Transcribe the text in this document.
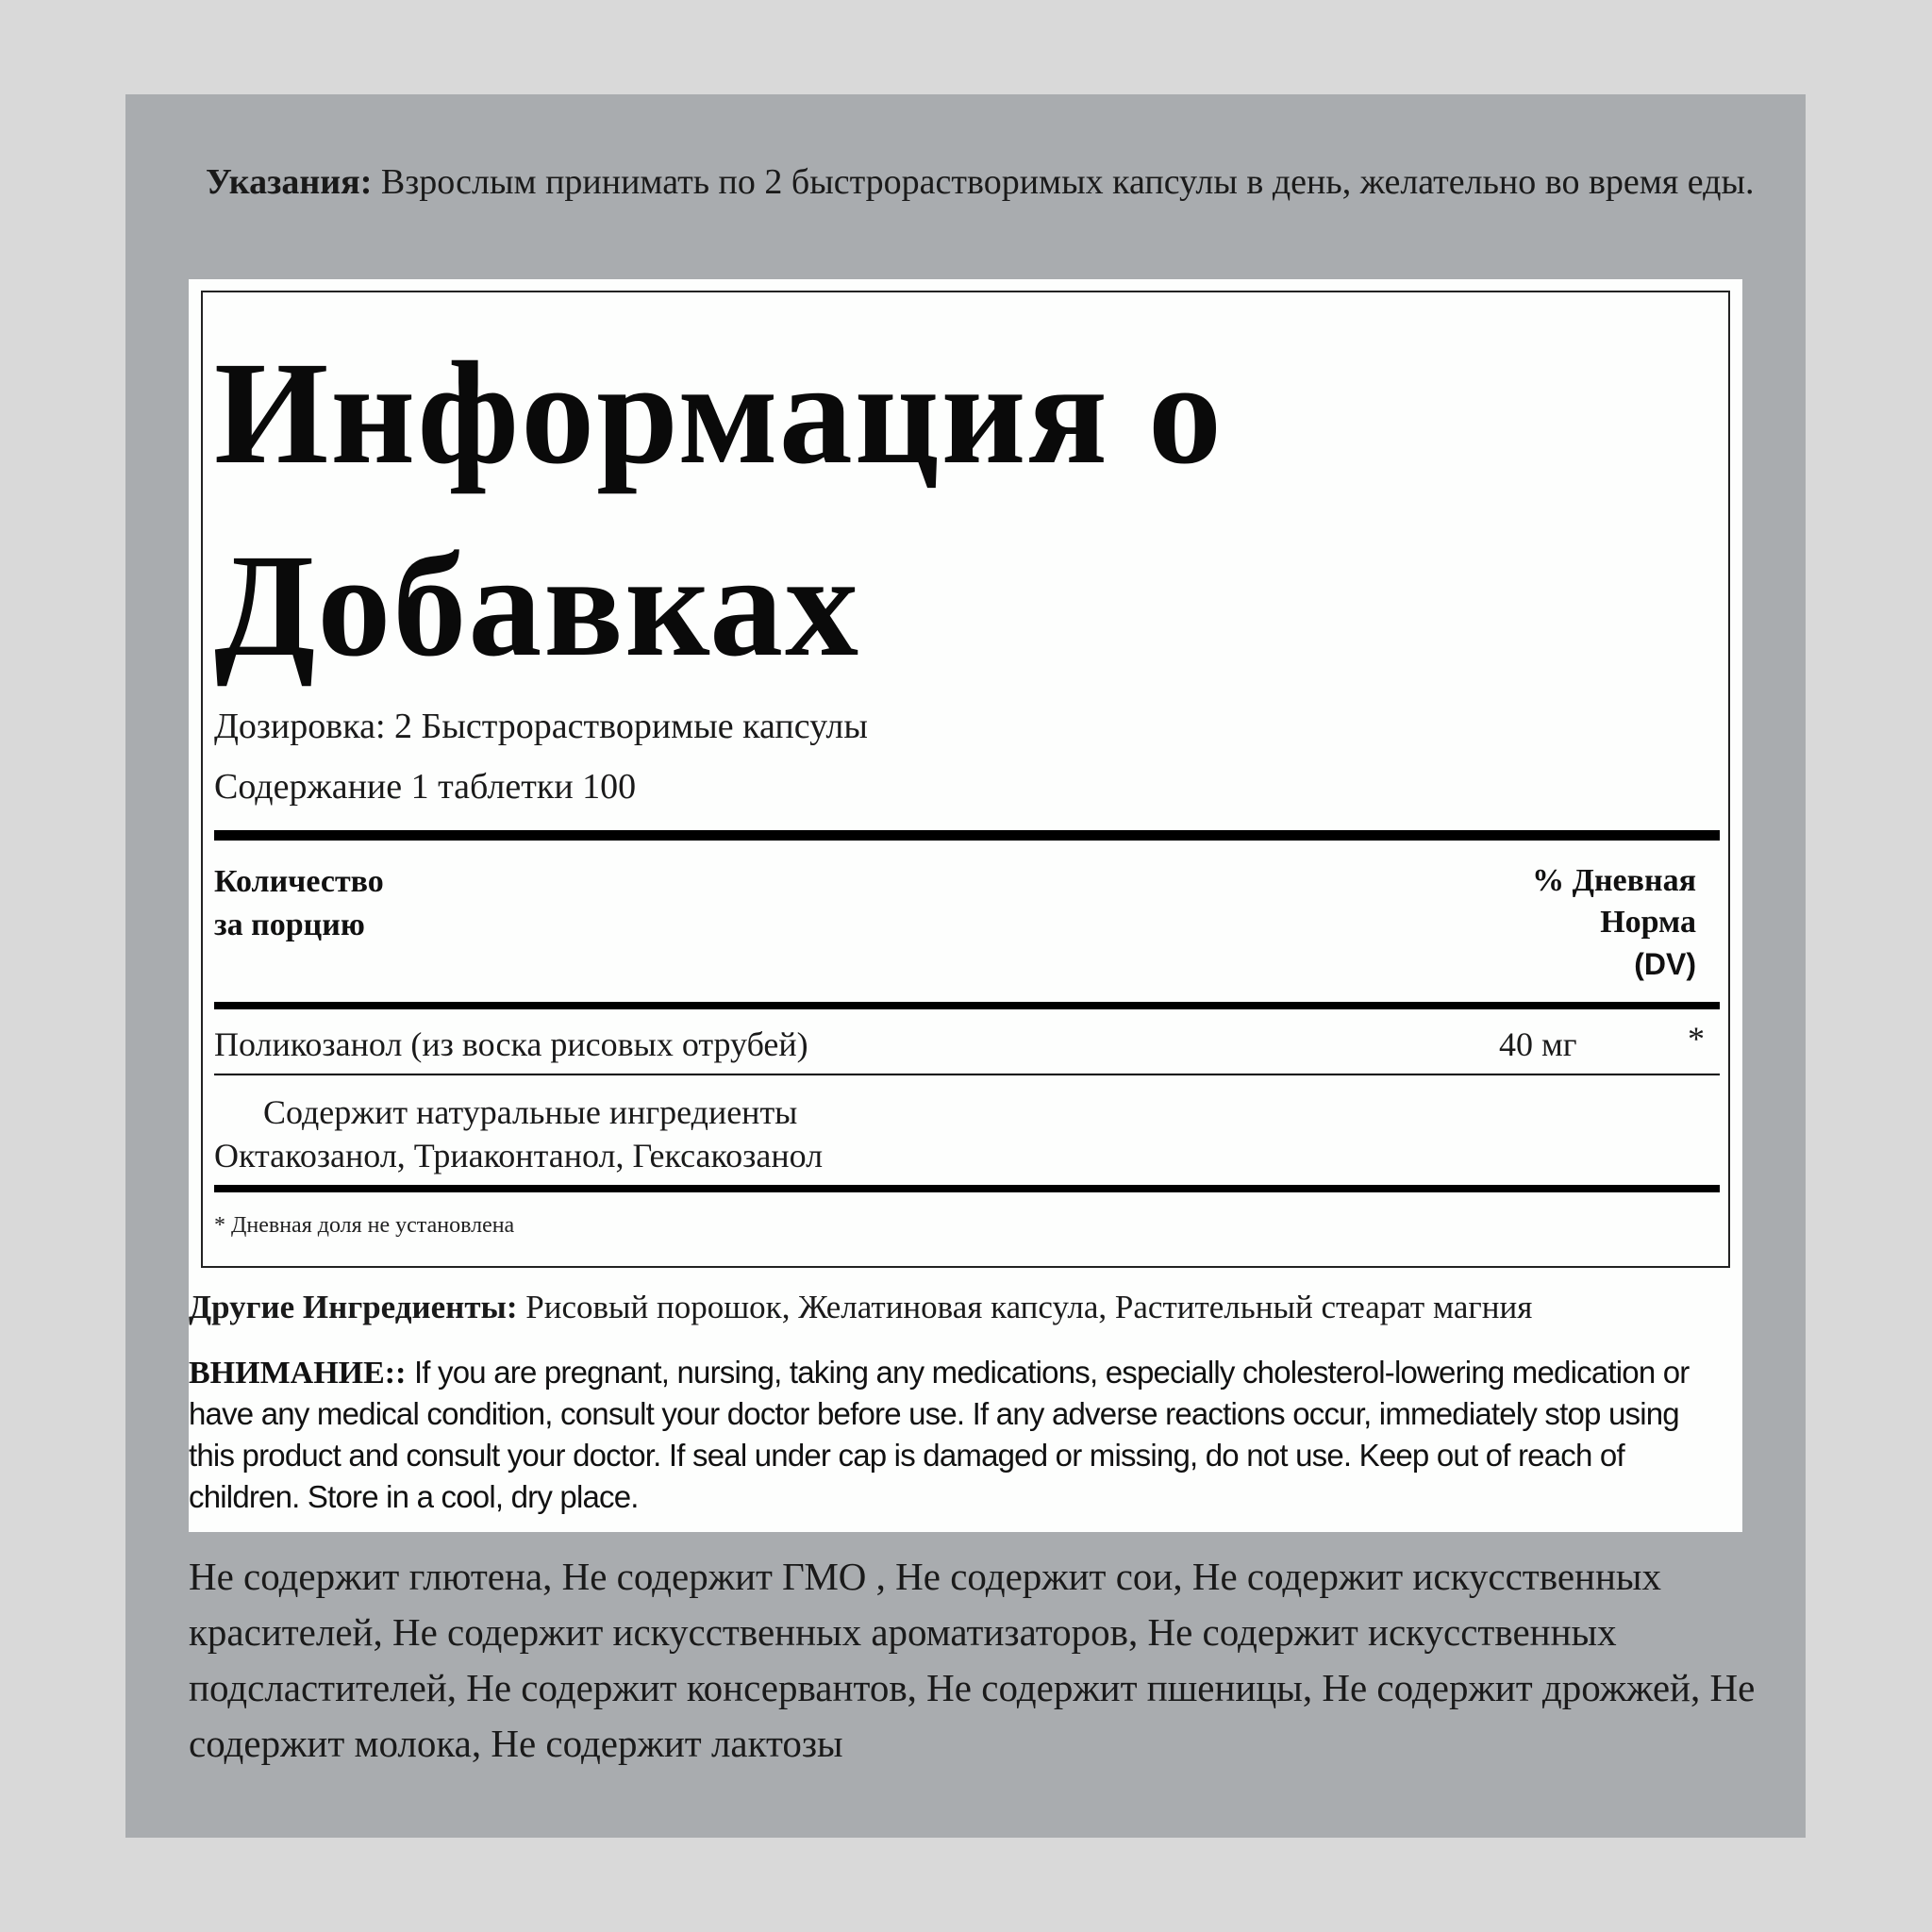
Указания: Взрослым принимать по 2 быстрорастворимых капсулы в день, желательно во время еды.
Информация о Добавках
Дозировка: 2 Быстрорастворимые капсулы
Содержание 1 таблетки 100
Количество
за порцию
% Дневная
Норма
(DV)
Поликозанол (из воска рисовых отрубей)	40 мг	*
Содержит натуральные ингредиенты
Октакозанол, Триаконтанол, Гексакозанол
* Дневная доля не установлена
Другие Ингредиенты: Рисовый порошок, Желатиновая капсула, Растительный стеарат магния
ВНИМАНИЕ:: If you are pregnant, nursing, taking any medications, especially cholesterol-lowering medication or have any medical condition, consult your doctor before use. If any adverse reactions occur, immediately stop using this product and consult your doctor. If seal under cap is damaged or missing, do not use. Keep out of reach of children. Store in a cool, dry place.
Не содержит глютена, Не содержит ГМО , Не содержит сои, Не содержит искусственных красителей, Не содержит искусственных ароматизаторов, Не содержит искусственных подсластителей, Не содержит консервантов, Не содержит пшеницы, Не содержит дрожжей, Не содержит молока, Не содержит лактозы
